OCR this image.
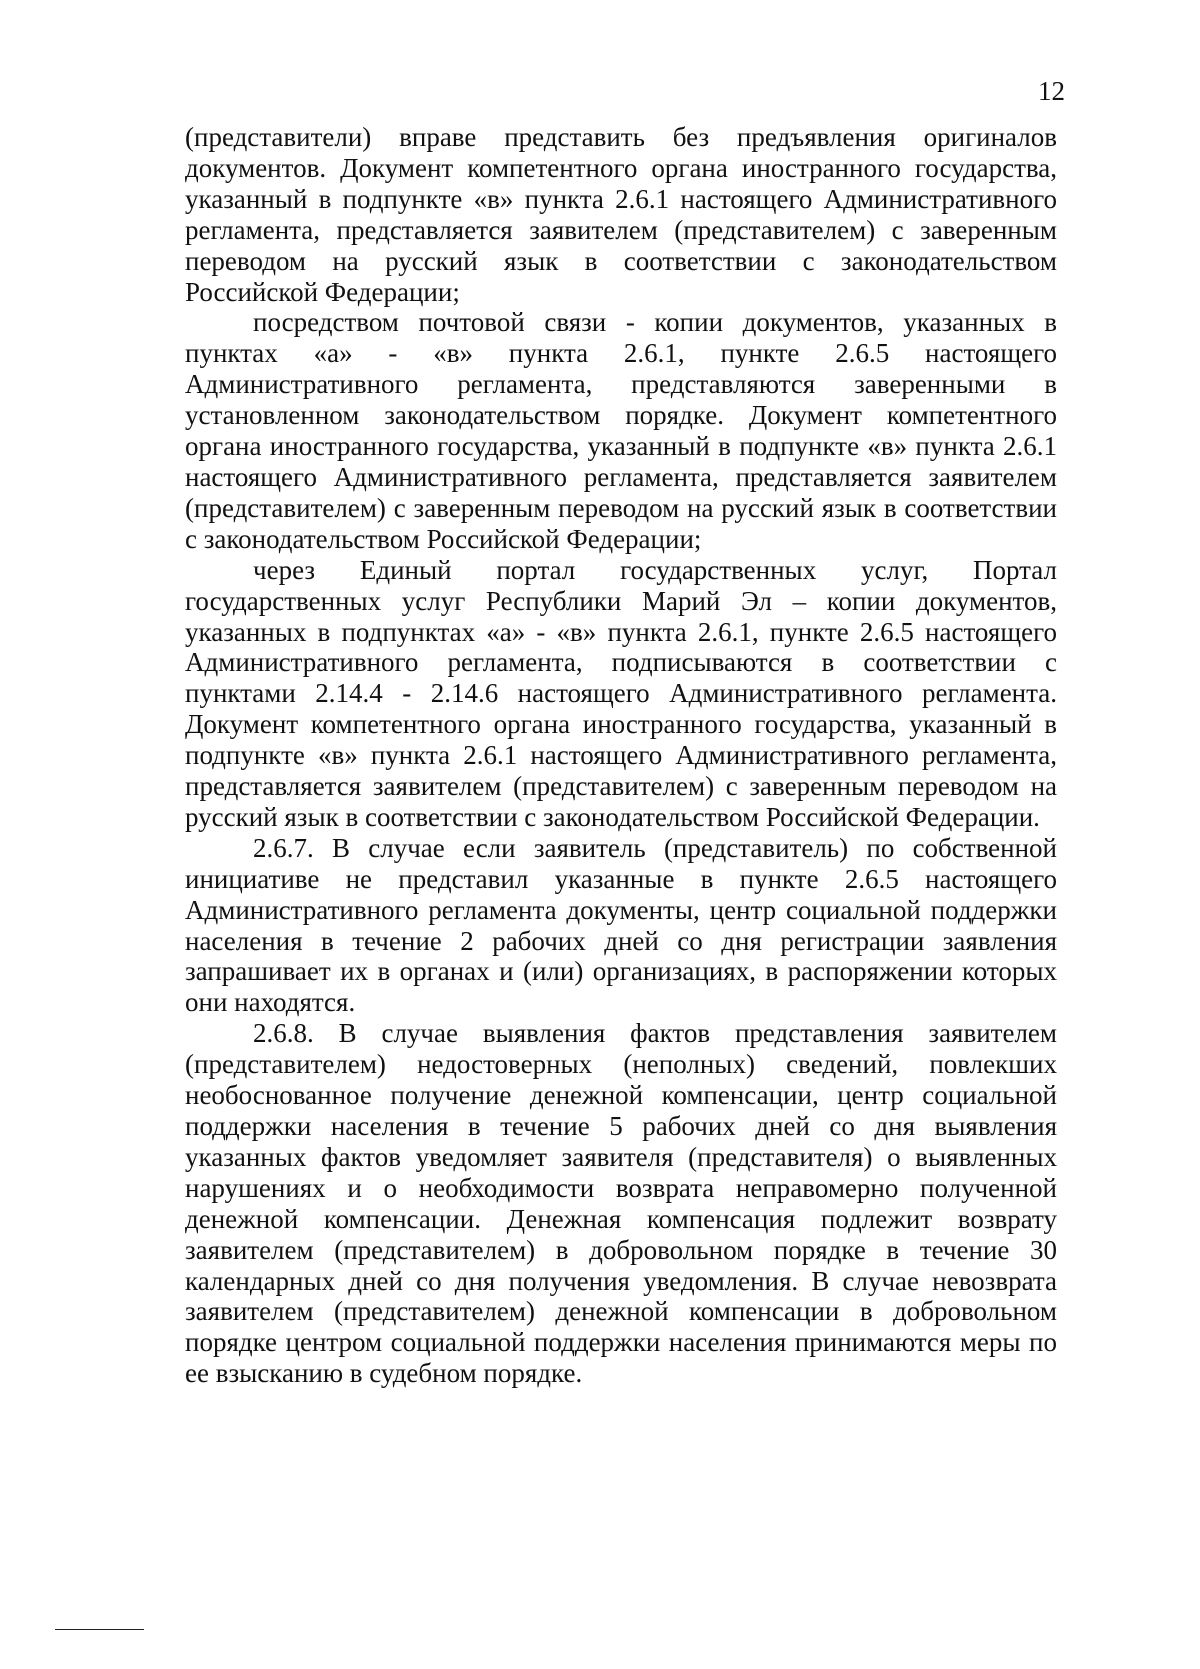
12

(представители) вправе представить без предъявления оригиналов документов. Документ компетентного органа иностранного государства, указанный в подпункте «в» пункта 2.6.1 настоящего Административного регламента, представляется заявителем (представителем) с заверенным переводом на русский язык в соответствии с законодательством Российской Федерации;

посредством почтовой связи - копии документов, указанных в пунктах «а» - «в» пункта 2.6.1, пункте 2.6.5 настоящего Административного регламента, представляются заверенными в установленном законодательством порядке. Документ компетентного органа иностранного государства, указанный в подпункте «в» пункта 2.6.1 настоящего Административного регламента, представляется заявителем (представителем) с заверенным переводом на русский язык в соответствии с законодательством Российской Федерации;

через Единый портал государственных услуг, Портал государственных услуг Республики Марий Эл – копии документов, указанных в подпунктах «а» - «в» пункта 2.6.1, пункте 2.6.5 настоящего Административного регламента, подписываются в соответствии с пунктами 2.14.4 - 2.14.6 настоящего Административного регламента. Документ компетентного органа иностранного государства, указанный в подпункте «в» пункта 2.6.1 настоящего Административного регламента, представляется заявителем (представителем) с заверенным переводом на русский язык в соответствии с законодательством Российской Федерации.

2.6.7. В случае если заявитель (представитель) по собственной инициативе не представил указанные в пункте 2.6.5 настоящего Административного регламента документы, центр социальной поддержки населения в течение 2 рабочих дней со дня регистрации заявления запрашивает их в органах и (или) организациях, в распоряжении которых они находятся.

2.6.8. В случае выявления фактов представления заявителем (представителем) недостоверных (неполных) сведений, повлекших необоснованное получение денежной компенсации, центр социальной поддержки населения в течение 5 рабочих дней со дня выявления указанных фактов уведомляет заявителя (представителя) о выявленных нарушениях и о необходимости возврата неправомерно полученной денежной компенсации. Денежная компенсация подлежит возврату заявителем (представителем) в добровольном порядке в течение 30 календарных дней со дня получения уведомления. В случае невозврата заявителем (представителем) денежной компенсации в добровольном порядке центром социальной поддержки населения принимаются меры по ее взысканию в судебном порядке.
